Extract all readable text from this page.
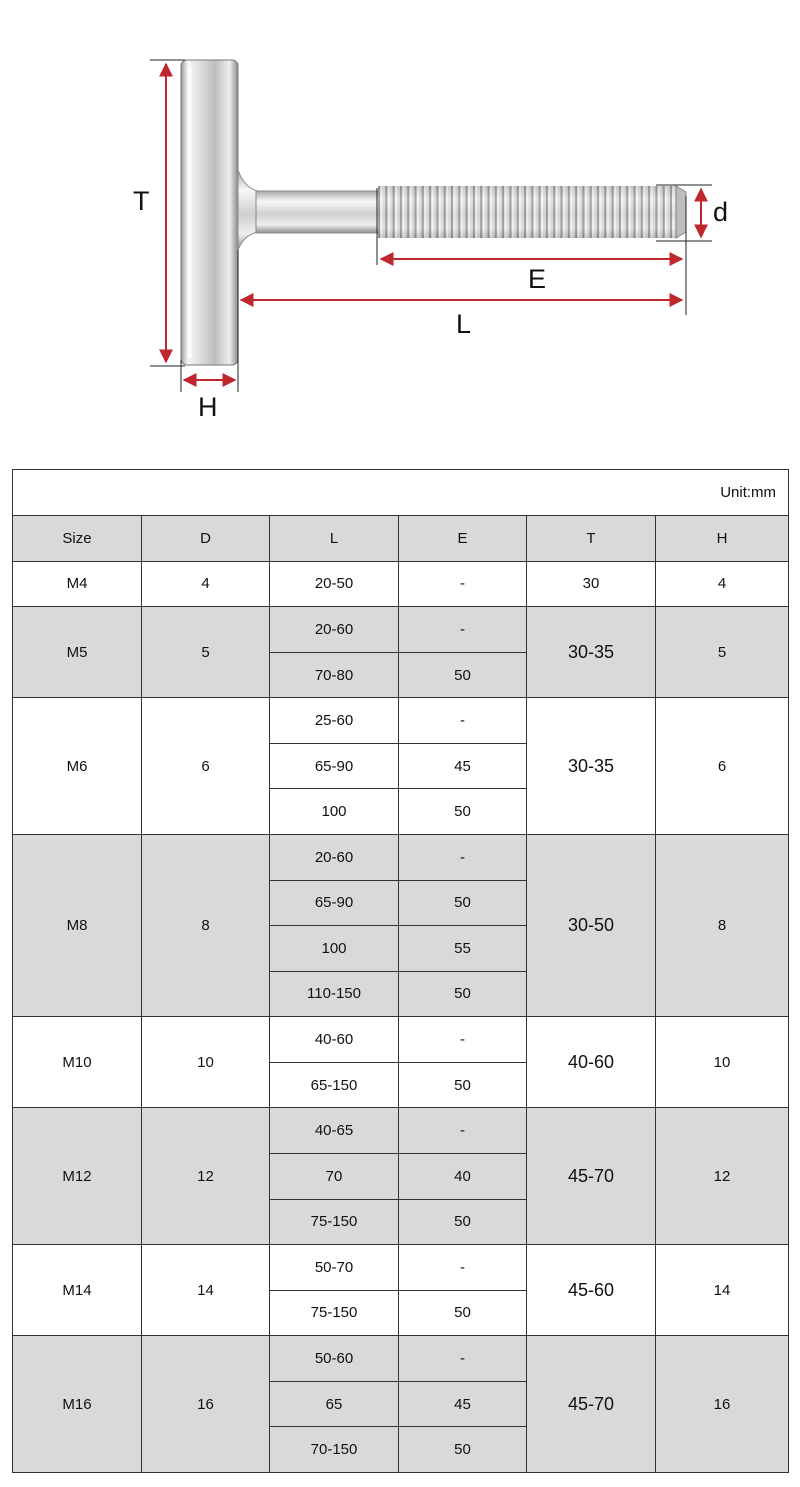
T
H
E
L
d
Unit:mm					
Size	D	L	E	T	H
M4	4	20-50	-	30	4
M5	5	20-60	-	30-35	5
		70-80	50		
M6	6	25-60	-	30-35	6
		65-90	45		
		100	50		
M8	8	20-60	-	30-50	8
		65-90	50		
		100	55		
		110-150	50		
M10	10	40-60	-	40-60	10
		65-150	50		
M12	12	40-65	-	45-70	12
		70	40		
		75-150	50		
M14	14	50-70	-	45-60	14
		75-150	50		
M16	16	50-60	-	45-70	16
		65	45		
		70-150	50		
